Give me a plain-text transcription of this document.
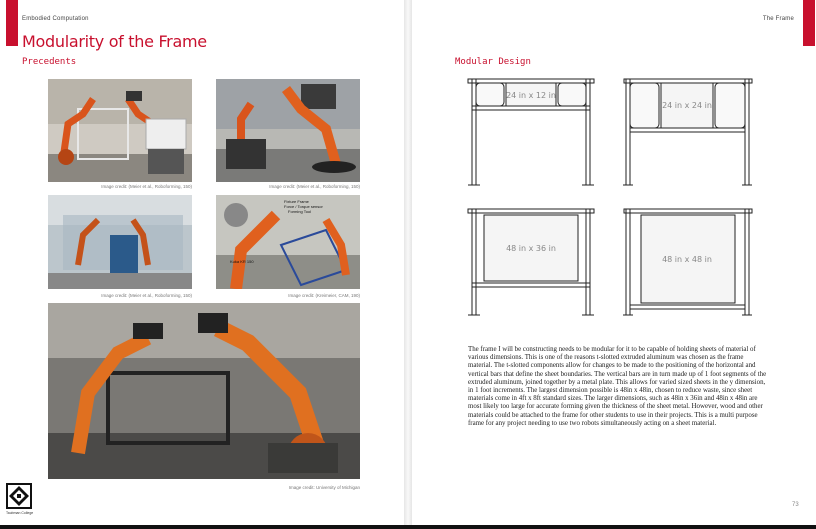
Embodied Computation	The Frame
Modularity of the Frame
Precedents	Modular Design
Image credit: (Meier et al., Roboforming, 150)	Image credit: (Meier et al., Roboforming, 150)
Image credit: (Meier et al., Roboforming, 150)
Fixture Frame
Force / Torque sensor
Forming Tool
Kuka KR 150
Image credit: (Kreimeier, CAM, 190)
Image credit: University of Michigan
Taubman College
24 in x 12 in
24 in x 24 in
48 in x 36 in
48 in x 48 in
The frame I will be constructing needs to be modular for it to be capable of holding sheets of material of various dimensions. This is one of the reasons t-slotted extruded aluminum was chosen as the frame material. The t-slotted components allow for changes to be made to the positioning of the horizontal and vertical bars that define the sheet boundaries. The vertical bars are in turn made up of 1 foot segments of the extruded aluminum, joined together by a metal plate. This allows for varied sized sheets in the y dimension, in 1 foot increments. The largest dimension possible is 48in x 48in, chosen to reduce waste, since sheet materials come in 4ft x 8ft standard sizes. The larger dimensions, such as 48in x 36in and 48in x 48in are most likely too large for accurate forming given the thickness of the sheet metal. However, wood and other materials could be attached to the frame for other students to use in their projects. This is a multi purpose frame for any project needing to use two robots simultaneously acting on a sheet material.
73
